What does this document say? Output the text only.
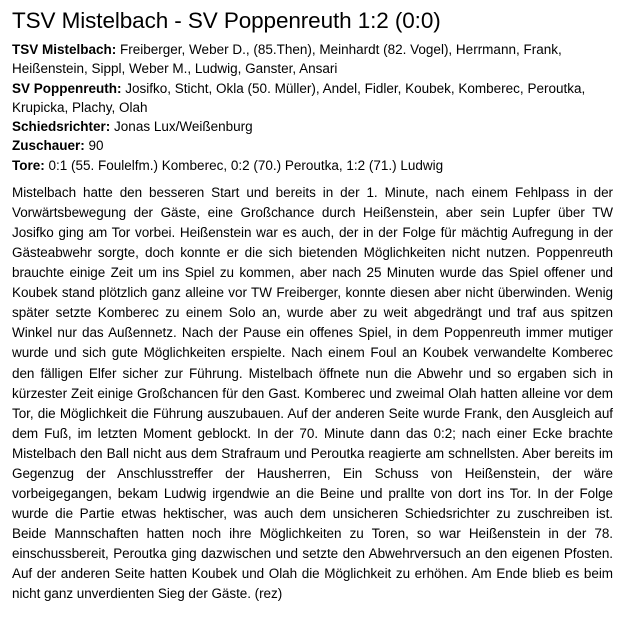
TSV Mistelbach - SV Poppenreuth 1:2 (0:0)

TSV Mistelbach: Freiberger, Weber D., (85.Then), Meinhardt (82. Vogel), Herrmann, Frank, Heißenstein, Sippl, Weber M., Ludwig, Ganster, Ansari

SV Poppenreuth: Josifko, Sticht, Okla (50. Müller), Andel, Fidler, Koubek, Komberec, Peroutka, Krupicka, Plachy, Olah

Schiedsrichter: Jonas Lux/Weißenburg

Zuschauer: 90

Tore: 0:1 (55. Foulelfm.) Komberec, 0:2 (70.) Peroutka, 1:2 (71.) Ludwig

Mistelbach hatte den besseren Start und bereits in der 1. Minute, nach einem Fehlpass in der Vorwärtsbewegung der Gäste, eine Großchance durch Heißenstein, aber sein Lupfer über TW Josifko ging am Tor vorbei. Heißenstein war es auch, der in der Folge für mächtig Aufregung in der Gästeabwehr sorgte, doch konnte er die sich bietenden Möglichkeiten nicht nutzen. Poppenreuth brauchte einige Zeit um ins Spiel zu kommen, aber nach 25 Minuten wurde das Spiel offener und Koubek stand plötzlich ganz alleine vor TW Freiberger, konnte diesen aber nicht überwinden. Wenig später setzte Komberec zu einem Solo an, wurde aber zu weit abgedrängt und traf aus spitzen Winkel nur das Außennetz. Nach der Pause ein offenes Spiel, in dem Poppenreuth immer mutiger wurde und sich gute Möglichkeiten erspielte. Nach einem Foul an Koubek verwandelte Komberec den fälligen Elfer sicher zur Führung. Mistelbach öffnete nun die Abwehr und so ergaben sich in kürzester Zeit einige Großchancen für den Gast. Komberec und zweimal Olah hatten alleine vor dem Tor, die Möglichkeit die Führung auszubauen. Auf der anderen Seite wurde Frank, den Ausgleich auf dem Fuß, im letzten Moment geblockt. In der 70. Minute dann das 0:2; nach einer Ecke brachte Mistelbach den Ball nicht aus dem Strafraum und Peroutka reagierte am schnellsten. Aber bereits im Gegenzug der Anschlusstreffer der Hausherren, Ein Schuss von Heißenstein, der wäre vorbeigegangen, bekam Ludwig irgendwie an die Beine und prallte von dort ins Tor. In der Folge wurde die Partie etwas hektischer, was auch dem unsicheren Schiedsrichter zu zuschreiben ist. Beide Mannschaften hatten noch ihre Möglichkeiten zu Toren, so war Heißenstein in der 78. einschussbereit, Peroutka ging dazwischen und setzte den Abwehrversuch an den eigenen Pfosten. Auf der anderen Seite hatten Koubek und Olah die Möglichkeit zu erhöhen. Am Ende blieb es beim nicht ganz unverdienten Sieg der Gäste. (rez)
